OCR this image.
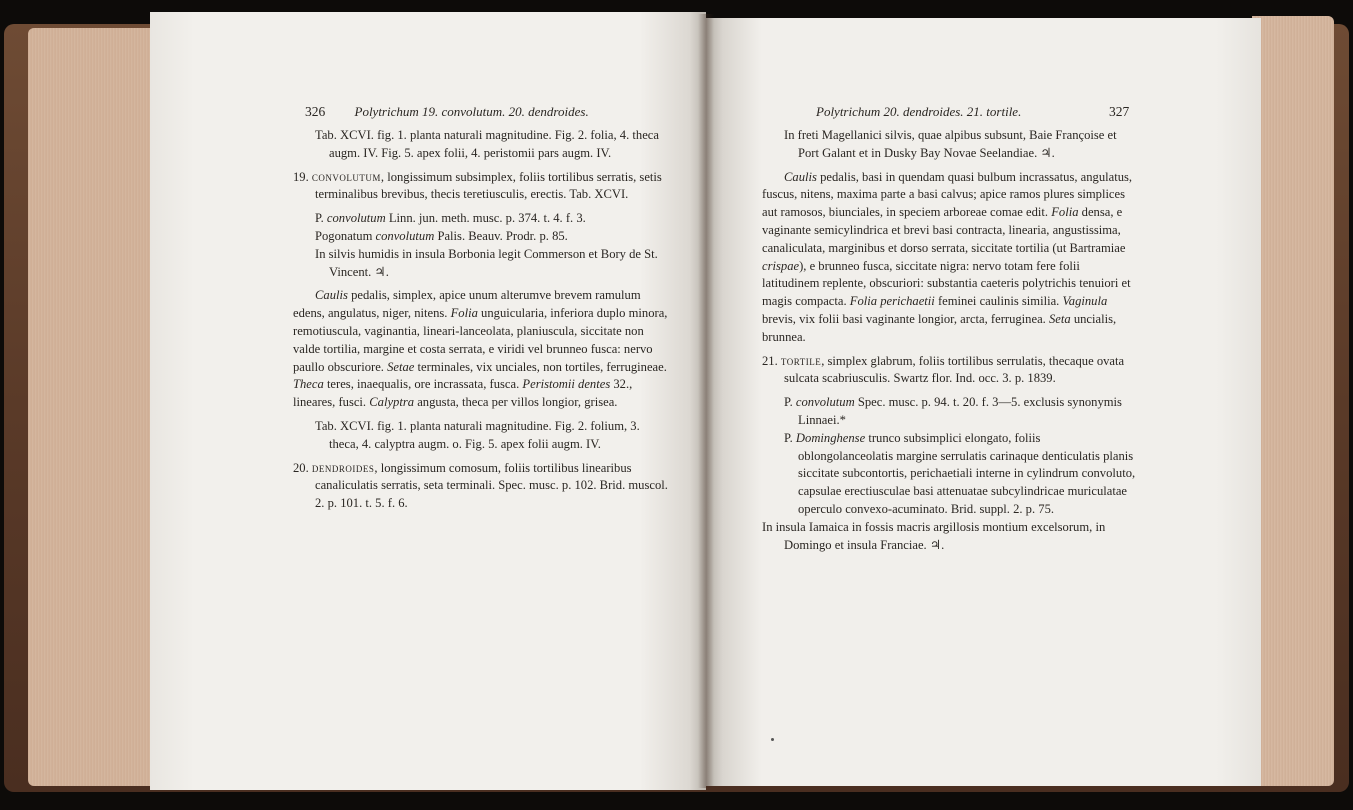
326 Polytrichum 19. convolutum. 20. dendroides.

Tab. XCVI. fig. 1. planta naturali magnitudine. Fig. 2. folia, 4. theca augm. IV. Fig. 5. apex folii, 4. peristomii pars augm. IV.

19. convolutum, longissimum subsimplex, foliis tortilibus serratis, setis terminalibus brevibus, thecis teretiusculis, erectis. Tab. XCVI.

P. convolutum Linn. jun. meth. musc. p. 374. t. 4. f. 3.

Pogonatum convolutum Palis. Beauv. Prodr. p. 85.

In silvis humidis in insula Borbonia legit Commerson et Bory de St. Vincent. ♃.

Caulis pedalis, simplex, apice unum alterumve brevem ramulum edens, angulatus, niger, nitens. Folia unguicularia, inferiora duplo minora, remotiuscula, vaginantia, lineari-lanceolata, planiuscula, siccitate non valde tortilia, margine et costa serrata, e viridi vel brunneo fusca: nervo paullo obscuriore. Setae terminales, vix unciales, non tortiles, ferrugineae. Theca teres, inaequalis, ore incrassata, fusca. Peristomii dentes 32., lineares, fusci. Calyptra angusta, theca per villos longior, grisea.

Tab. XCVI. fig. 1. planta naturali magnitudine. Fig. 2. folium, 3. theca, 4. calyptra augm. o. Fig. 5. apex folii augm. IV.

20. dendroides, longissimum comosum, foliis tortilibus linearibus canaliculatis serratis, seta terminali. Spec. musc. p. 102. Brid. muscol. 2. p. 101. t. 5. f. 6.

Polytrichum 20. dendroides. 21. tortile.	327

In freti Magellanici silvis, quae alpibus subsunt, Baie Françoise et Port Galant et in Dusky Bay Novae Seelandiae. ♃.

Caulis pedalis, basi in quendam quasi bulbum incrassatus, angulatus, fuscus, nitens, maxima parte a basi calvus; apice ramos plures simplices aut ramosos, biunciales, in speciem arboreae comae edit. Folia densa, e vaginante semicylindrica et brevi basi contracta, linearia, angustissima, canaliculata, marginibus et dorso serrata, siccitate tortilia (ut Bartramiae crispae), e brunneo fusca, siccitate nigra: nervo totam fere folii latitudinem replente, obscuriori: substantia caeteris polytrichis tenuiori et magis compacta. Folia perichaetii feminei caulinis similia. Vaginula brevis, vix folii basi vaginante longior, arcta, ferruginea. Seta uncialis, brunnea.

21. tortile, simplex glabrum, foliis tortilibus serrulatis, thecaque ovata sulcata scabriusculis. Swartz flor. Ind. occ. 3. p. 1839.

P. convolutum Spec. musc. p. 94. t. 20. f. 3—5. exclusis synonymis Linnaei.*

P. Dominghense trunco subsimplici elongato, foliis oblongolanceolatis margine serrulatis carinaque denticulatis planis siccitate subcontortis, perichaetiali interne in cylindrum convoluto, capsulae erectiusculae basi attenuatae subcylindricae muriculatae operculo convexo-acuminato. Brid. suppl. 2. p. 75.

In insula Iamaica in fossis macris argillosis montium excelsorum, in Domingo et insula Franciae. ♃.
